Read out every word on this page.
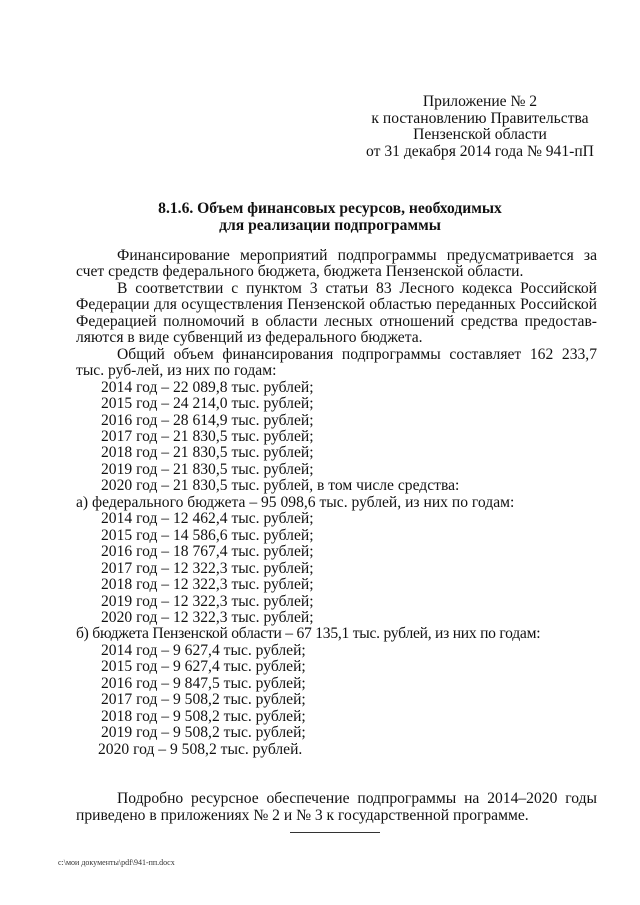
Приложение № 2
к постановлению Правительства
Пензенской области
от 31 декабря 2014 года № 941-пП
8.1.6. Объем финансовых ресурсов, необходимых
для реализации подпрограммы

Финансирование мероприятий подпрограммы предусматривается за счет средств федерального бюджета, бюджета Пензенской области.

В соответствии с пунктом 3 статьи 83 Лесного кодекса Российской Федерации для осуществления Пензенской областью переданных Российской Федерацией полномочий в области лесных отношений средства предостав-ляются в виде субвенций из федерального бюджета.

Общий объем финансирования подпрограммы составляет 162 233,7 тыс. руб-лей, из них по годам:

2014 год – 22 089,8 тыс. рублей;
2015 год – 24 214,0 тыс. рублей;
2016 год – 28 614,9 тыс. рублей;
2017 год – 21 830,5 тыс. рублей;
2018 год – 21 830,5 тыс. рублей;
2019 год – 21 830,5 тыс. рублей;
2020 год – 21 830,5 тыс. рублей, в том числе средства:
а) федерального бюджета – 95 098,6 тыс. рублей, из них по годам:
2014 год – 12 462,4 тыс. рублей;
2015 год – 14 586,6 тыс. рублей;
2016 год – 18 767,4 тыс. рублей;
2017 год – 12 322,3 тыс. рублей;
2018 год – 12 322,3 тыс. рублей;
2019 год – 12 322,3 тыс. рублей;
2020 год – 12 322,3 тыс. рублей;
б) бюджета Пензенской области – 67 135,1 тыс. рублей, из них по годам:
2014 год – 9 627,4 тыс. рублей;
2015 год – 9 627,4 тыс. рублей;
2016 год – 9 847,5 тыс. рублей;
2017 год – 9 508,2 тыс. рублей;
2018 год – 9 508,2 тыс. рублей;
2019 год – 9 508,2 тыс. рублей;
2020 год – 9 508,2 тыс. рублей.

Подробно ресурсное обеспечение подпрограммы на 2014–2020 годы приведено в приложениях № 2 и № 3 к государственной программе.

c:\мои документы\pdf\941-пп.docx
